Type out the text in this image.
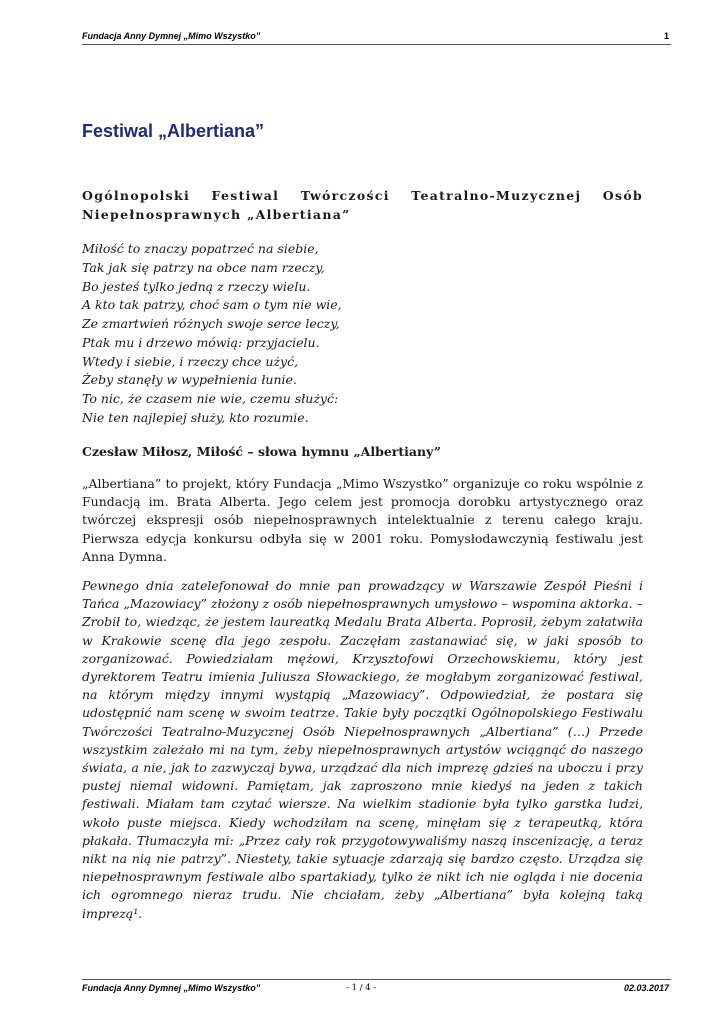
Fundacja Anny Dymnej „Mimo Wszystko”	1
Festiwal „Albertiana”

Ogólnopolski Festiwal Twórczości Teatralno-Muzycznej Osób Niepełnosprawnych „Albertiana”

Miłość to znaczy popatrzeć na siebie,
Tak jak się patrzy na obce nam rzeczy,
Bo jesteś tylko jedną z rzeczy wielu.
A kto tak patrzy, choć sam o tym nie wie,
Ze zmartwień różnych swoje serce leczy,
Ptak mu i drzewo mówią: przyjacielu.
Wtedy i siebie, i rzeczy chce użyć,
Żeby stanęły w wypełnienia łunie.
To nic, że czasem nie wie, czemu służyć:
Nie ten najlepiej służy, kto rozumie.

Czesław Miłosz, Miłość – słowa hymnu „Albertiany”

„Albertiana” to projekt, który Fundacja „Mimo Wszystko” organizuje co roku wspólnie z Fundacją im. Brata Alberta. Jego celem jest promocja dorobku artystycznego oraz twórczej ekspresji osób niepełnosprawnych intelektualnie z terenu całego kraju. Pierwsza edycja konkursu odbyła się w 2001 roku. Pomysłodawczynią festiwalu jest Anna Dymna.

Pewnego dnia zatelefonował do mnie pan prowadzący w Warszawie Zespół Pieśni i Tańca „Mazowiacy” złożony z osób niepełnosprawnych umysłowo – wspomina aktorka. – Zrobił to, wiedząc, że jestem laureatką Medalu Brata Alberta. Poprosił, żebym załatwiła w Krakowie scenę dla jego zespołu. Zaczęłam zastanawiać się, w jaki sposób to zorganizować. Powiedziałam mężowi, Krzysztofowi Orzechowskiemu, który jest dyrektorem Teatru imienia Juliusza Słowackiego, że mogłabym zorganizować festiwal, na którym między innymi wystąpią „Mazowiacy”. Odpowiedział, że postara się udostępnić nam scenę w swoim teatrze. Takie były początki Ogólnopolskiego Festiwalu Twórczości Teatralno-Muzycznej Osób Niepełnosprawnych „Albertiana” (…) Przede wszystkim zależało mi na tym, żeby niepełnosprawnych artystów wciągnąć do naszego świata, a nie, jak to zazwyczaj bywa, urządzać dla nich imprezę gdzieś na uboczu i przy pustej niemal widowni. Pamiętam, jak zaproszono mnie kiedyś na jeden z takich festiwali. Miałam tam czytać wiersze. Na wielkim stadionie była tylko garstka ludzi, wkoło puste miejsca. Kiedy wchodziłam na scenę, minęłam się z terapeutką, która płakała. Tłumaczyła mi: „Przez cały rok przygotowywaliśmy naszą inscenizację, a teraz nikt na nią nie patrzy”. Niestety, takie sytuacje zdarzają się bardzo często. Urządza się niepełnosprawnym festiwale albo spartakiady, tylko że nikt ich nie ogląda i nie docenia ich ogromnego nieraz trudu. Nie chciałam, żeby „Albertiana” była kolejną taką imprezą¹.

Fundacja Anny Dymnej „Mimo Wszystko”	- 1 / 4 -	02.03.2017
